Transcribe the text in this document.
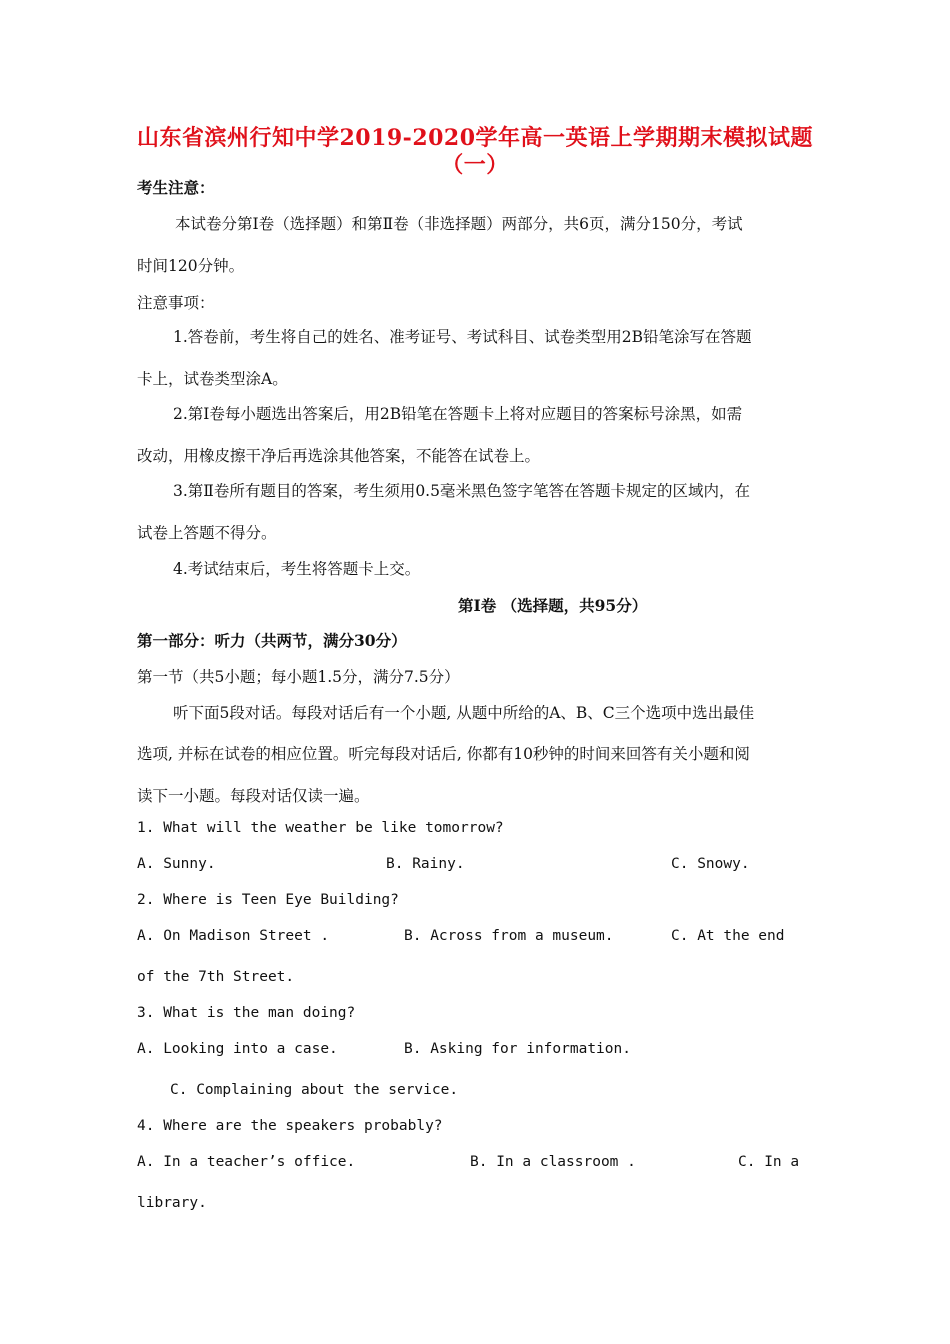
山东省滨州行知中学2019-2020学年高一英语上学期期末模拟试题
（一）
考生注意：
本试卷分第Ⅰ卷（选择题）和第Ⅱ卷（非选择题）两部分，共6页，满分150分，考试
时间120分钟。
注意事项：
1.答卷前，考生将自己的姓名、准考证号、考试科目、试卷类型用2B铅笔涂写在答题
卡上，试卷类型涂A。
2.第Ⅰ卷每小题选出答案后，用2B铅笔在答题卡上将对应题目的答案标号涂黑，如需
改动，用橡皮擦干净后再选涂其他答案，不能答在试卷上。
3.第Ⅱ卷所有题目的答案，考生须用0.5毫米黑色签字笔答在答题卡规定的区域内，在
试卷上答题不得分。
4.考试结束后，考生将答题卡上交。
第Ⅰ卷 （选择题，共95分）
第一部分：听力（共两节，满分30分）
第一节（共5小题；每小题1.5分，满分7.5分）
听下面5段对话。每段对话后有一个小题, 从题中所给的A、B、C三个选项中选出最佳
选项, 并标在试卷的相应位置。听完每段对话后, 你都有10秒钟的时间来回答有关小题和阅
读下一小题。每段对话仅读一遍。
1. What will the weather be like tomorrow?
A. Sunny.	B. Rainy.	C. Snowy.
2. Where is Teen Eye Building?
A. On Madison Street .	B. Across from a museum.	C. At the end
of the 7th Street.
3. What is the man doing?
A. Looking into a case.	B. Asking for information.
C. Complaining about the service.
4. Where are the speakers probably?
A. In a teacher’s office.	B. In a classroom .	C. In a
library.
